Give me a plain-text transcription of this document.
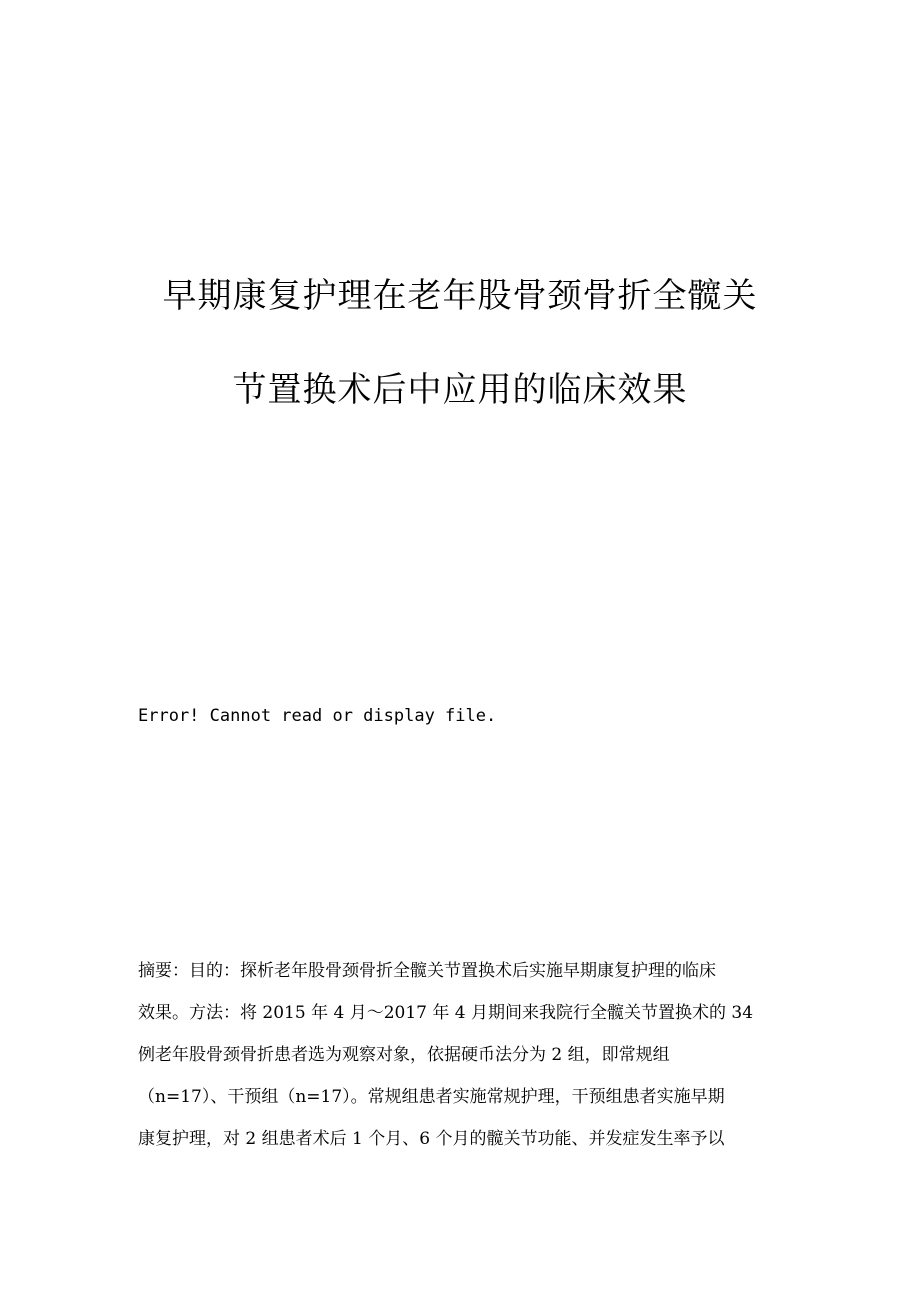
早期康复护理在老年股骨颈骨折全髋关
节置换术后中应用的临床效果
Error! Cannot read or display file.
摘要：目的：探析老年股骨颈骨折全髋关节置换术后实施早期康复护理的临床
效果。方法：将 2015 年 4 月～2017 年 4 月期间来我院行全髋关节置换术的 34
例老年股骨颈骨折患者选为观察对象，依据硬币法分为 2 组，即常规组
（n=17）、干预组（n=17）。常规组患者实施常规护理，干预组患者实施早期
康复护理，对 2 组患者术后 1 个月、6 个月的髋关节功能、并发症发生率予以
